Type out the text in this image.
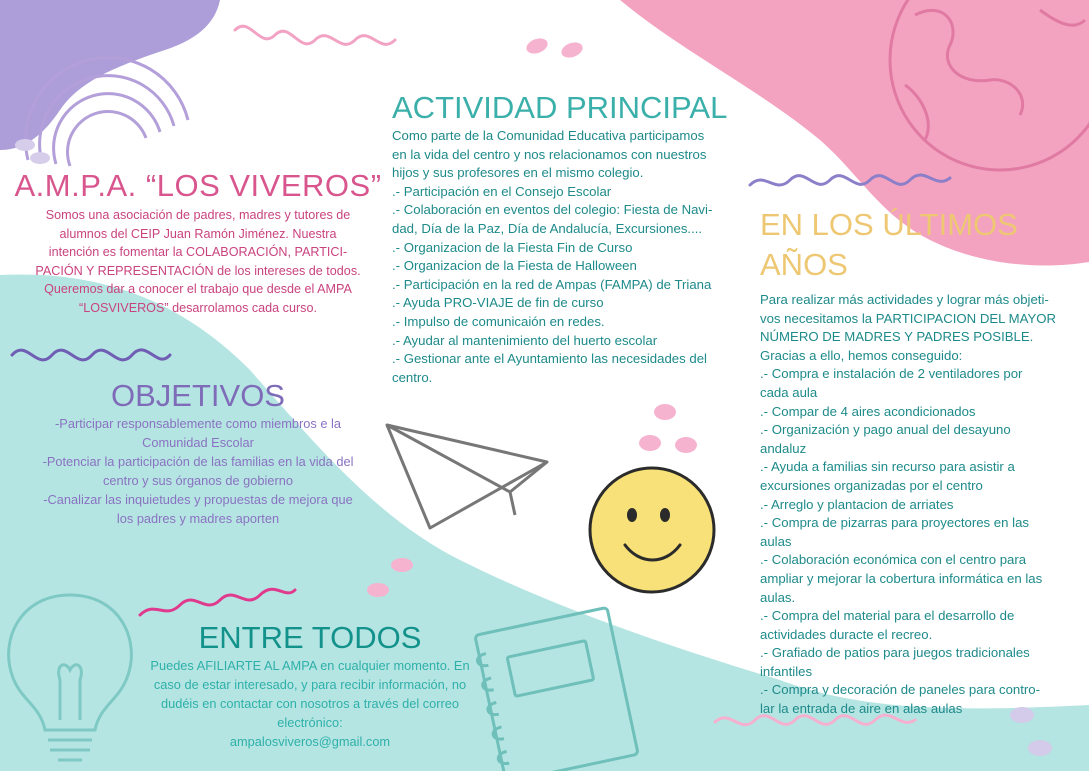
A.M.P.A. “LOS VIVEROS”

Somos una asociación de padres, madres y tutores de
alumnos del CEIP Juan Ramón Jiménez. Nuestra
intención es fomentar la COLABORACIÓN, PARTICI-
PACIÓN Y REPRESENTACIÓN de los intereses de todos.
Queremos dar a conocer el trabajo que desde el AMPA
“LOSVIVEROS” desarrolamos cada curso.

OBJETIVOS

-Participar responsablemente como miembros e la
Comunidad Escolar
-Potenciar la participación de las familias en la vida del
centro y sus órganos de gobierno
-Canalizar las inquietudes y propuestas de mejora que
los padres y madres aporten

ACTIVIDAD PRINCIPAL

Como parte de la Comunidad Educativa participamos
en la vida del centro y nos relacionamos con nuestros
hijos y sus profesores en el mismo colegio.
.- Participación en el Consejo Escolar
.- Colaboración en eventos del colegio: Fiesta de Navi-
dad, Día de la Paz, Día de Andalucía, Excursiones....
.- Organizacion de la Fiesta Fin de Curso
.- Organizacion de la Fiesta de Halloween
.- Participación en la red de Ampas (FAMPA) de Triana
.- Ayuda PRO-VIAJE de fin de curso
.- Impulso de comunicaión en redes.
.- Ayudar al mantenimiento del huerto escolar
.- Gestionar ante el Ayuntamiento las necesidades del
centro.

EN LOS ÚLTIMOS
AÑOS

Para realizar más actividades y lograr más objeti-
vos necesitamos la PARTICIPACION DEL MAYOR
NÚMERO DE MADRES Y PADRES POSIBLE.
Gracias a ello, hemos conseguido:
.- Compra e instalación de 2 ventiladores por
cada aula
.- Compar de 4 aires acondicionados
.- Organización y pago anual del desayuno
andaluz
.- Ayuda a familias sin recurso para asistir a
excursiones organizadas por el centro
.- Arreglo y plantacion de arriates
.- Compra de pizarras para proyectores en las
aulas
.- Colaboración económica con el centro para
ampliar y mejorar la cobertura informática en las
aulas.
.- Compra del material para el desarrollo de
actividades duracte el recreo.
.- Grafiado de patios para juegos tradicionales
infantiles
.- Compra y decoración de paneles para contro-
lar la entrada de aire en alas aulas

ENTRE TODOS

Puedes AFILIARTE AL AMPA en cualquier momento. En
caso de estar interesado, y para recibir información, no
dudéis en contactar con nosotros a través del correo
electrónico:
ampalosviveros@gmail.com
